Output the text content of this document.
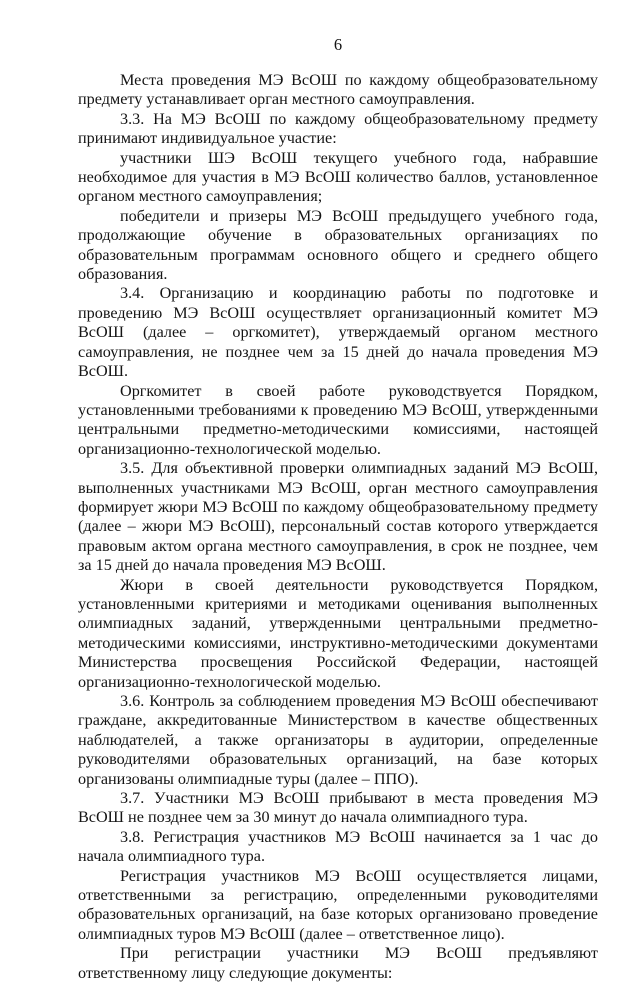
6

Места проведения МЭ ВсОШ по каждому общеобразовательному предмету устанавливает орган местного самоуправления.

3.3. На МЭ ВсОШ по каждому общеобразовательному предмету принимают индивидуальное участие:

участники ШЭ ВсОШ текущего учебного года, набравшие необходимое для участия в МЭ ВсОШ количество баллов, установленное органом местного самоуправления;

победители и призеры МЭ ВсОШ предыдущего учебного года, продолжающие обучение в образовательных организациях по образовательным программам основного общего и среднего общего образования.

3.4. Организацию и координацию работы по подготовке и проведению МЭ ВсОШ осуществляет организационный комитет МЭ ВсОШ (далее – оргкомитет), утверждаемый органом местного самоуправления, не позднее чем за 15 дней до начала проведения МЭ ВсОШ.

Оргкомитет в своей работе руководствуется Порядком, установленными требованиями к проведению МЭ ВсОШ, утвержденными центральными предметно-методическими комиссиями, настоящей организационно-технологической моделью.

3.5. Для объективной проверки олимпиадных заданий МЭ ВсОШ, выполненных участниками МЭ ВсОШ, орган местного самоуправления формирует жюри МЭ ВсОШ по каждому общеобразовательному предмету (далее – жюри МЭ ВсОШ), персональный состав которого утверждается правовым актом органа местного самоуправления, в срок не позднее, чем за 15 дней до начала проведения МЭ ВсОШ.

Жюри в своей деятельности руководствуется Порядком, установленными критериями и методиками оценивания выполненных олимпиадных заданий, утвержденными центральными предметно-методическими комиссиями, инструктивно-методическими документами Министерства просвещения Российской Федерации, настоящей организационно-технологической моделью.

3.6. Контроль за соблюдением проведения МЭ ВсОШ обеспечивают граждане, аккредитованные Министерством в качестве общественных наблюдателей, а также организаторы в аудитории, определенные руководителями образовательных организаций, на базе которых организованы олимпиадные туры (далее – ППО).

3.7. Участники МЭ ВсОШ прибывают в места проведения МЭ ВсОШ не позднее чем за 30 минут до начала олимпиадного тура.

3.8. Регистрация участников МЭ ВсОШ начинается за 1 час до начала олимпиадного тура.

Регистрация участников МЭ ВсОШ осуществляется лицами, ответственными за регистрацию, определенными руководителями образовательных организаций, на базе которых организовано проведение олимпиадных туров МЭ ВсОШ (далее – ответственное лицо).

При регистрации участники МЭ ВсОШ предъявляют ответственному лицу следующие документы:
